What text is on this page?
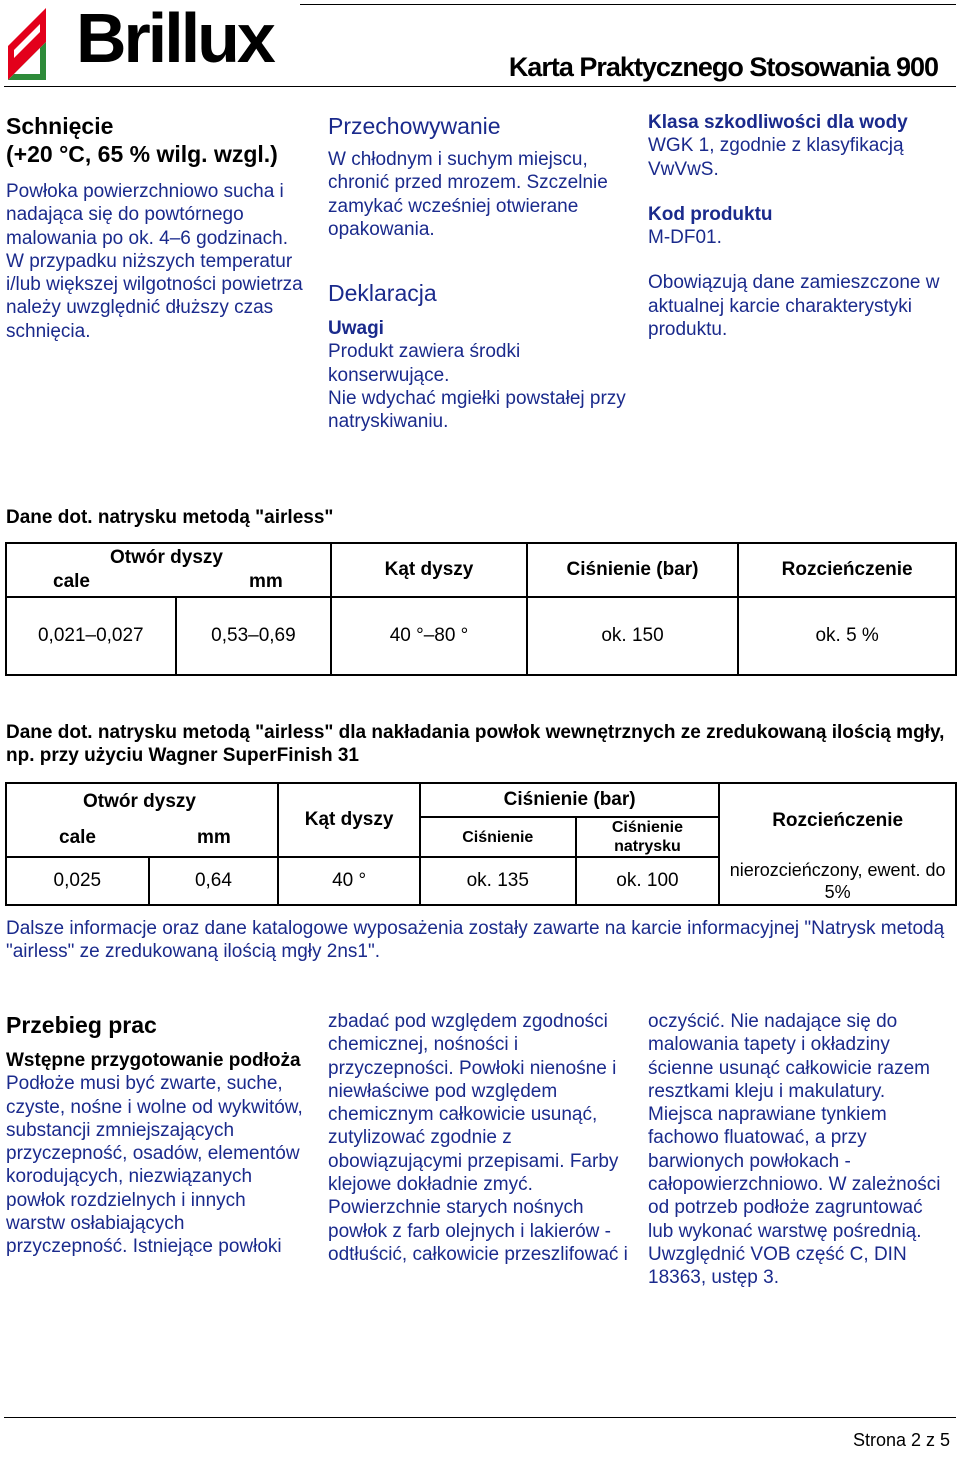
Brillux	Karta Praktycznego Stosowania 900

Schnięcie

(+20 °C, 65 % wilg. wzgl.)

Powłoka powierzchniowo sucha i nadająca się do powtórnego malowania po ok. 4–6 godzinach. W przypadku niższych temperatur i/lub większej wilgotności powietrza należy uwzględnić dłuższy czas schnięcia.

Przechowywanie

W chłodnym i suchym miejscu, chronić przed mrozem. Szczelnie zamykać wcześniej otwierane opakowania.

Deklaracja

Uwagi

Produkt zawiera środki konserwujące.

Nie wdychać mgiełki powstałej przy natryskiwaniu.

Klasa szkodliwości dla wody

WGK 1, zgodnie z klasyfikacją VwVwS.

Kod produktu

M-DF01.

Obowiązują dane zamieszczone w aktualnej karcie charakterystyki produktu.

Dane dot. natrysku metodą "airless"
Otwór dyszy
cale mm		Kąt dyszy	Ciśnienie (bar)	Rozcieńczenie
0,021–0,027	0,53–0,69	40 °–80 °	ok. 150	ok. 5 %
Dane dot. natrysku metodą "airless" dla nakładania powłok wewnętrznych ze zredukowaną ilością mgły, np. przy użyciu Wagner SuperFinish 31
Otwór dyszy
cale mm		Kąt dyszy	Ciśnienie (bar)		Rozcieńczenie
			Ciśnienie	Ciśnienie
natrysku	

0,025	0,64	40 °	ok. 135	ok. 100	nierozcieńczony, ewent. do 5%
Dalsze informacje oraz dane katalogowe wyposażenia zostały zawarte na karcie informacyjnej "Natrysk metodą "airless" ze zredukowaną ilością mgły 2ns1".

Przebieg prac

Wstępne przygotowanie podłoża

Podłoże musi być zwarte, suche, czyste, nośne i wolne od wykwitów, substancji zmniejszających przyczepność, osadów, elementów korodujących, niezwiązanych powłok rozdzielnych i innych warstw osłabiających przyczepność. Istniejące powłoki

zbadać pod względem zgodności chemicznej, nośności i przyczepności. Powłoki nienośne i niewłaściwe pod względem chemicznym całkowicie usunąć, zutylizować zgodnie z obowiązującymi przepisami. Farby klejowe dokładnie zmyć. Powierzchnie starych nośnych powłok z farb olejnych i lakierów -odtłuścić, całkowicie przeszlifować i

oczyścić. Nie nadające się do malowania tapety i okładziny ścienne usunąć całkowicie razem resztkami kleju i makulatury. Miejsca naprawiane tynkiem fachowo fluatować, a przy barwionych powłokach - całopowierzchniowo. W zależności od potrzeb podłoże zagruntować lub wykonać warstwę pośrednią. Uwzględnić VOB część C, DIN 18363, ustęp 3.

Strona 2 z 5
